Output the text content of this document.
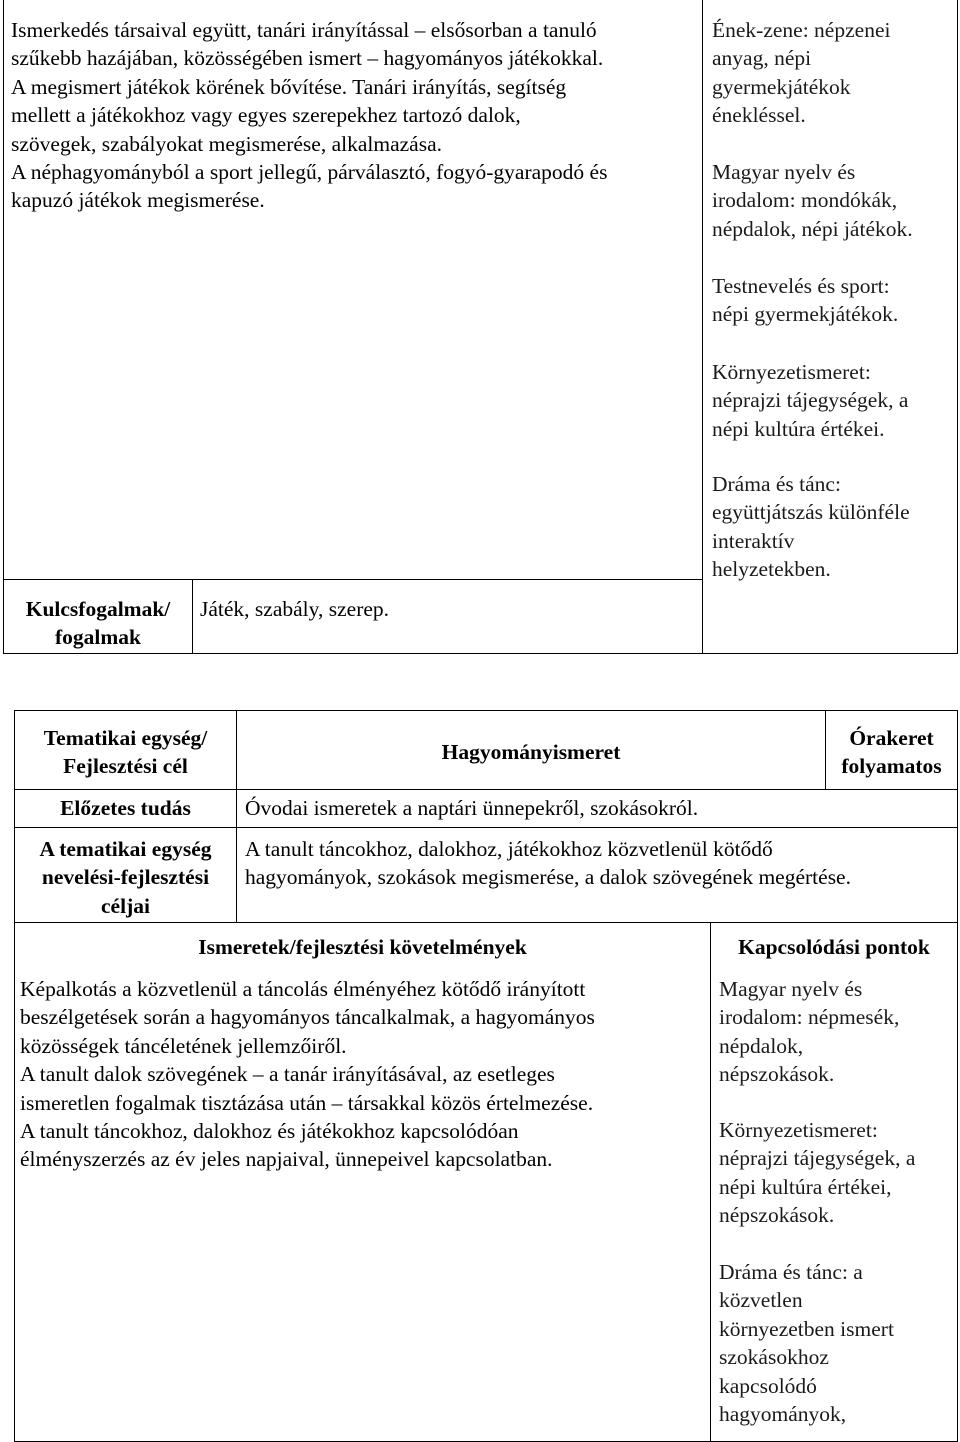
Ismerkedés társaival együtt, tanári irányítással – elsősorban a tanuló
szűkebb hazájában, közösségében ismert – hagyományos játékokkal.
A megismert játékok körének bővítése. Tanári irányítás, segítség
mellett a játékokhoz vagy egyes szerepekhez tartozó dalok,
szövegek, szabályokat megismerése, alkalmazása.
A néphagyományból a sport jellegű, párválasztó, fogyó-gyarapodó és
kapuzó játékok megismerése.
Ének-zene: népzenei
anyag, népi
gyermekjátékok
énekléssel.
Magyar nyelv és
irodalom: mondókák,
népdalok, népi játékok.
Testnevelés és sport:
népi gyermekjátékok.
Környezetismeret:
néprajzi tájegységek, a
népi kultúra értékei.
Dráma és tánc:
együttjátszás különféle
interaktív
helyzetekben.
Kulcsfogalmak/
fogalmak
Játék, szabály, szerep.
Tematikai egység/
Fejlesztési cél
Hagyományismeret
Órakeret
folyamatos
Előzetes tudás	Óvodai ismeretek a naptári ünnepekről, szokásokról.
A tematikai egység
nevelési-fejlesztési
céljai
A tanult táncokhoz, dalokhoz, játékokhoz közvetlenül kötődő
hagyományok, szokások megismerése, a dalok szövegének megértése.
Ismeretek/fejlesztési követelmények	Kapcsolódási pontok
Képalkotás a közvetlenül a táncolás élményéhez kötődő irányított
beszélgetések során a hagyományos táncalkalmak, a hagyományos
közösségek táncéletének jellemzőiről.
A tanult dalok szövegének – a tanár irányításával, az esetleges
ismeretlen fogalmak tisztázása után – társakkal közös értelmezése.
A tanult táncokhoz, dalokhoz és játékokhoz kapcsolódóan
élményszerzés az év jeles napjaival, ünnepeivel kapcsolatban.
Magyar nyelv és
irodalom: népmesék,
népdalok,
népszokások.
Környezetismeret:
néprajzi tájegységek, a
népi kultúra értékei,
népszokások.
Dráma és tánc: a
közvetlen
környezetben ismert
szokásokhoz
kapcsolódó
hagyományok,
